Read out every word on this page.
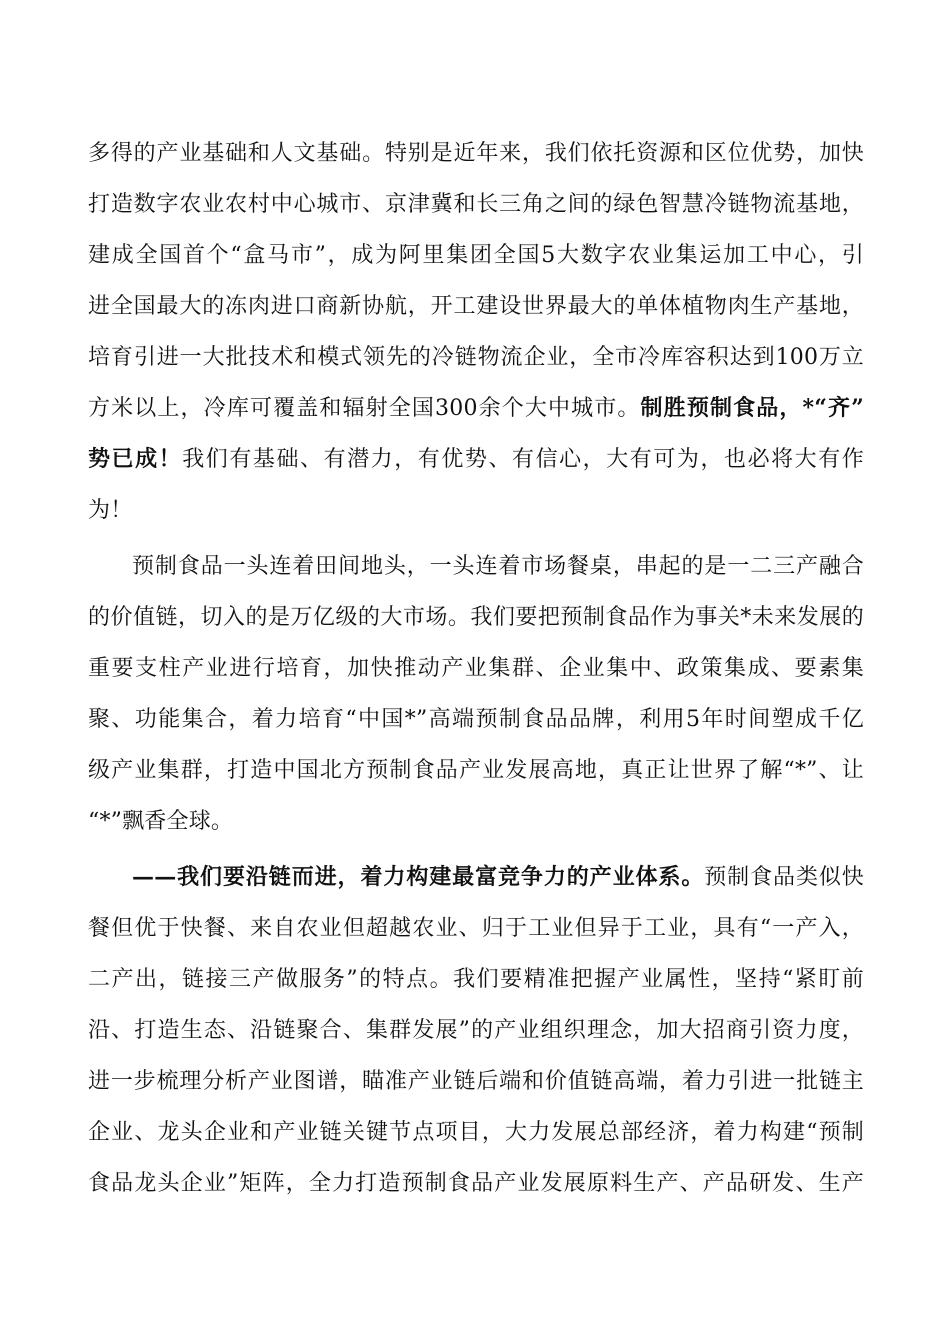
多得的产业基础和人文基础。特别是近年来，我们依托资源和区位优势，加快
打造数字农业农村中心城市、京津冀和长三角之间的绿色智慧冷链物流基地，
建成全国首个“盒马市”，成为阿里集团全国5大数字农业集运加工中心，引
进全国最大的冻肉进口商新协航，开工建设世界最大的单体植物肉生产基地，
培育引进一大批技术和模式领先的冷链物流企业，全市冷库容积达到100万立
方米以上，冷库可覆盖和辐射全国300余个大中城市。制胜预制食品，*“齐”
势已成！我们有基础、有潜力，有优势、有信心，大有可为，也必将大有作
为！
预制食品一头连着田间地头，一头连着市场餐桌，串起的是一二三产融合
的价值链，切入的是万亿级的大市场。我们要把预制食品作为事关*未来发展的
重要支柱产业进行培育，加快推动产业集群、企业集中、政策集成、要素集
聚、功能集合，着力培育“中国*”高端预制食品品牌，利用5年时间塑成千亿
级产业集群，打造中国北方预制食品产业发展高地，真正让世界了解“*”、让
“*”飘香全球。
——我们要沿链而进，着力构建最富竞争力的产业体系。预制食品类似快
餐但优于快餐、来自农业但超越农业、归于工业但异于工业，具有“一产入，
二产出，链接三产做服务”的特点。我们要精准把握产业属性，坚持“紧盯前
沿、打造生态、沿链聚合、集群发展”的产业组织理念，加大招商引资力度，
进一步梳理分析产业图谱，瞄准产业链后端和价值链高端，着力引进一批链主
企业、龙头企业和产业链关键节点项目，大力发展总部经济，着力构建“预制
食品龙头企业”矩阵，全力打造预制食品产业发展原料生产、产品研发、生产
